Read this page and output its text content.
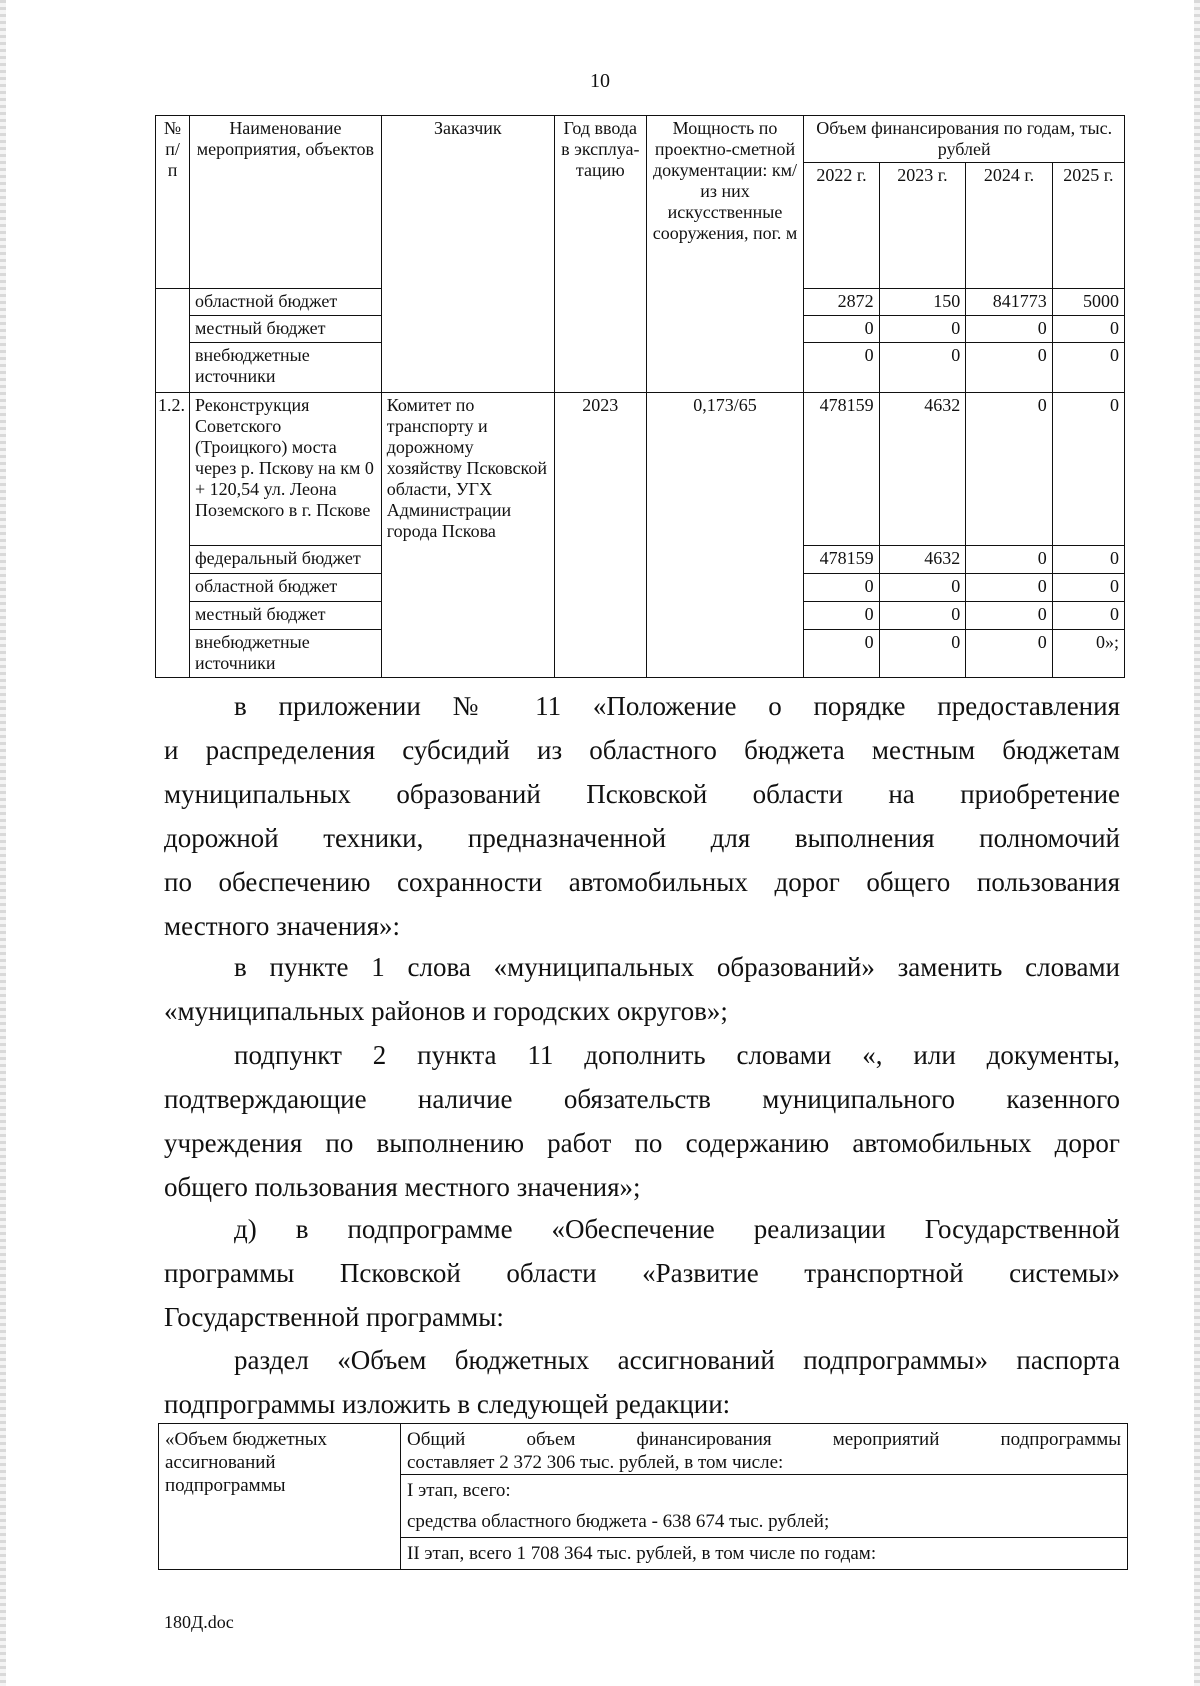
10
№ п/п	Наименование мероприятия, объектов	Заказчик	Год ввода в эксплуа-тацию	Мощность по проектно-сметной документации: км/из них искусственные сооружения, пог. м	Объем финансирования по годам, тыс. рублей			
					2022 г.	2023 г.	2024 г.	2025 г.
	областной бюджет				2872	150	841773	5000
	местный бюджет				0	0	0	0
	внебюджетные источники				0	0	0	0
1.2.	Реконструкция Советского (Троицкого) моста через р. Пскову на км 0 + 120,54 ул. Леона Поземского в г. Пскове	Комитет по транспорту и дорожному хозяйству Псковской области, УГХ Администрации города Пскова	2023	0,173/65	478159	4632	0	0
	федеральный бюджет				478159	4632	0	0
	областной бюджет				0	0	0	0
	местный бюджет				0	0	0	0
	внебюджетные источники				0	0	0	0»;

в приложении № 11 «Положение о порядке предоставления
и распределения субсидий из областного бюджета местным бюджетам
муниципальных образований Псковской области на приобретение
дорожной техники, предназначенной для выполнения полномочий
по обеспечению сохранности автомобильных дорог общего пользования
местного значения»:

в пункте 1 слова «муниципальных образований» заменить словами
«муниципальных районов и городских округов»;

подпункт 2 пункта 11 дополнить словами «, или документы,
подтверждающие наличие обязательств муниципального казенного
учреждения по выполнению работ по содержанию автомобильных дорог
общего пользования местного значения»;

д) в подпрограмме «Обеспечение реализации Государственной
программы Псковской области «Развитие транспортной системы»
Государственной программы:

раздел «Объем бюджетных ассигнований подпрограммы» паспорта
подпрограммы изложить в следующей редакции:

«Объем бюджетных ассигнований подпрограммы	
Общий объем финансирования мероприятий подпрограммы
составляет 2 372 306 тыс. рублей, в том числе:

I этап, всего:
средства областного бюджета - 638 674 тыс. рублей;
II этап, всего 1 708 364 тыс. рублей, в том числе по годам:
180Д.doc
